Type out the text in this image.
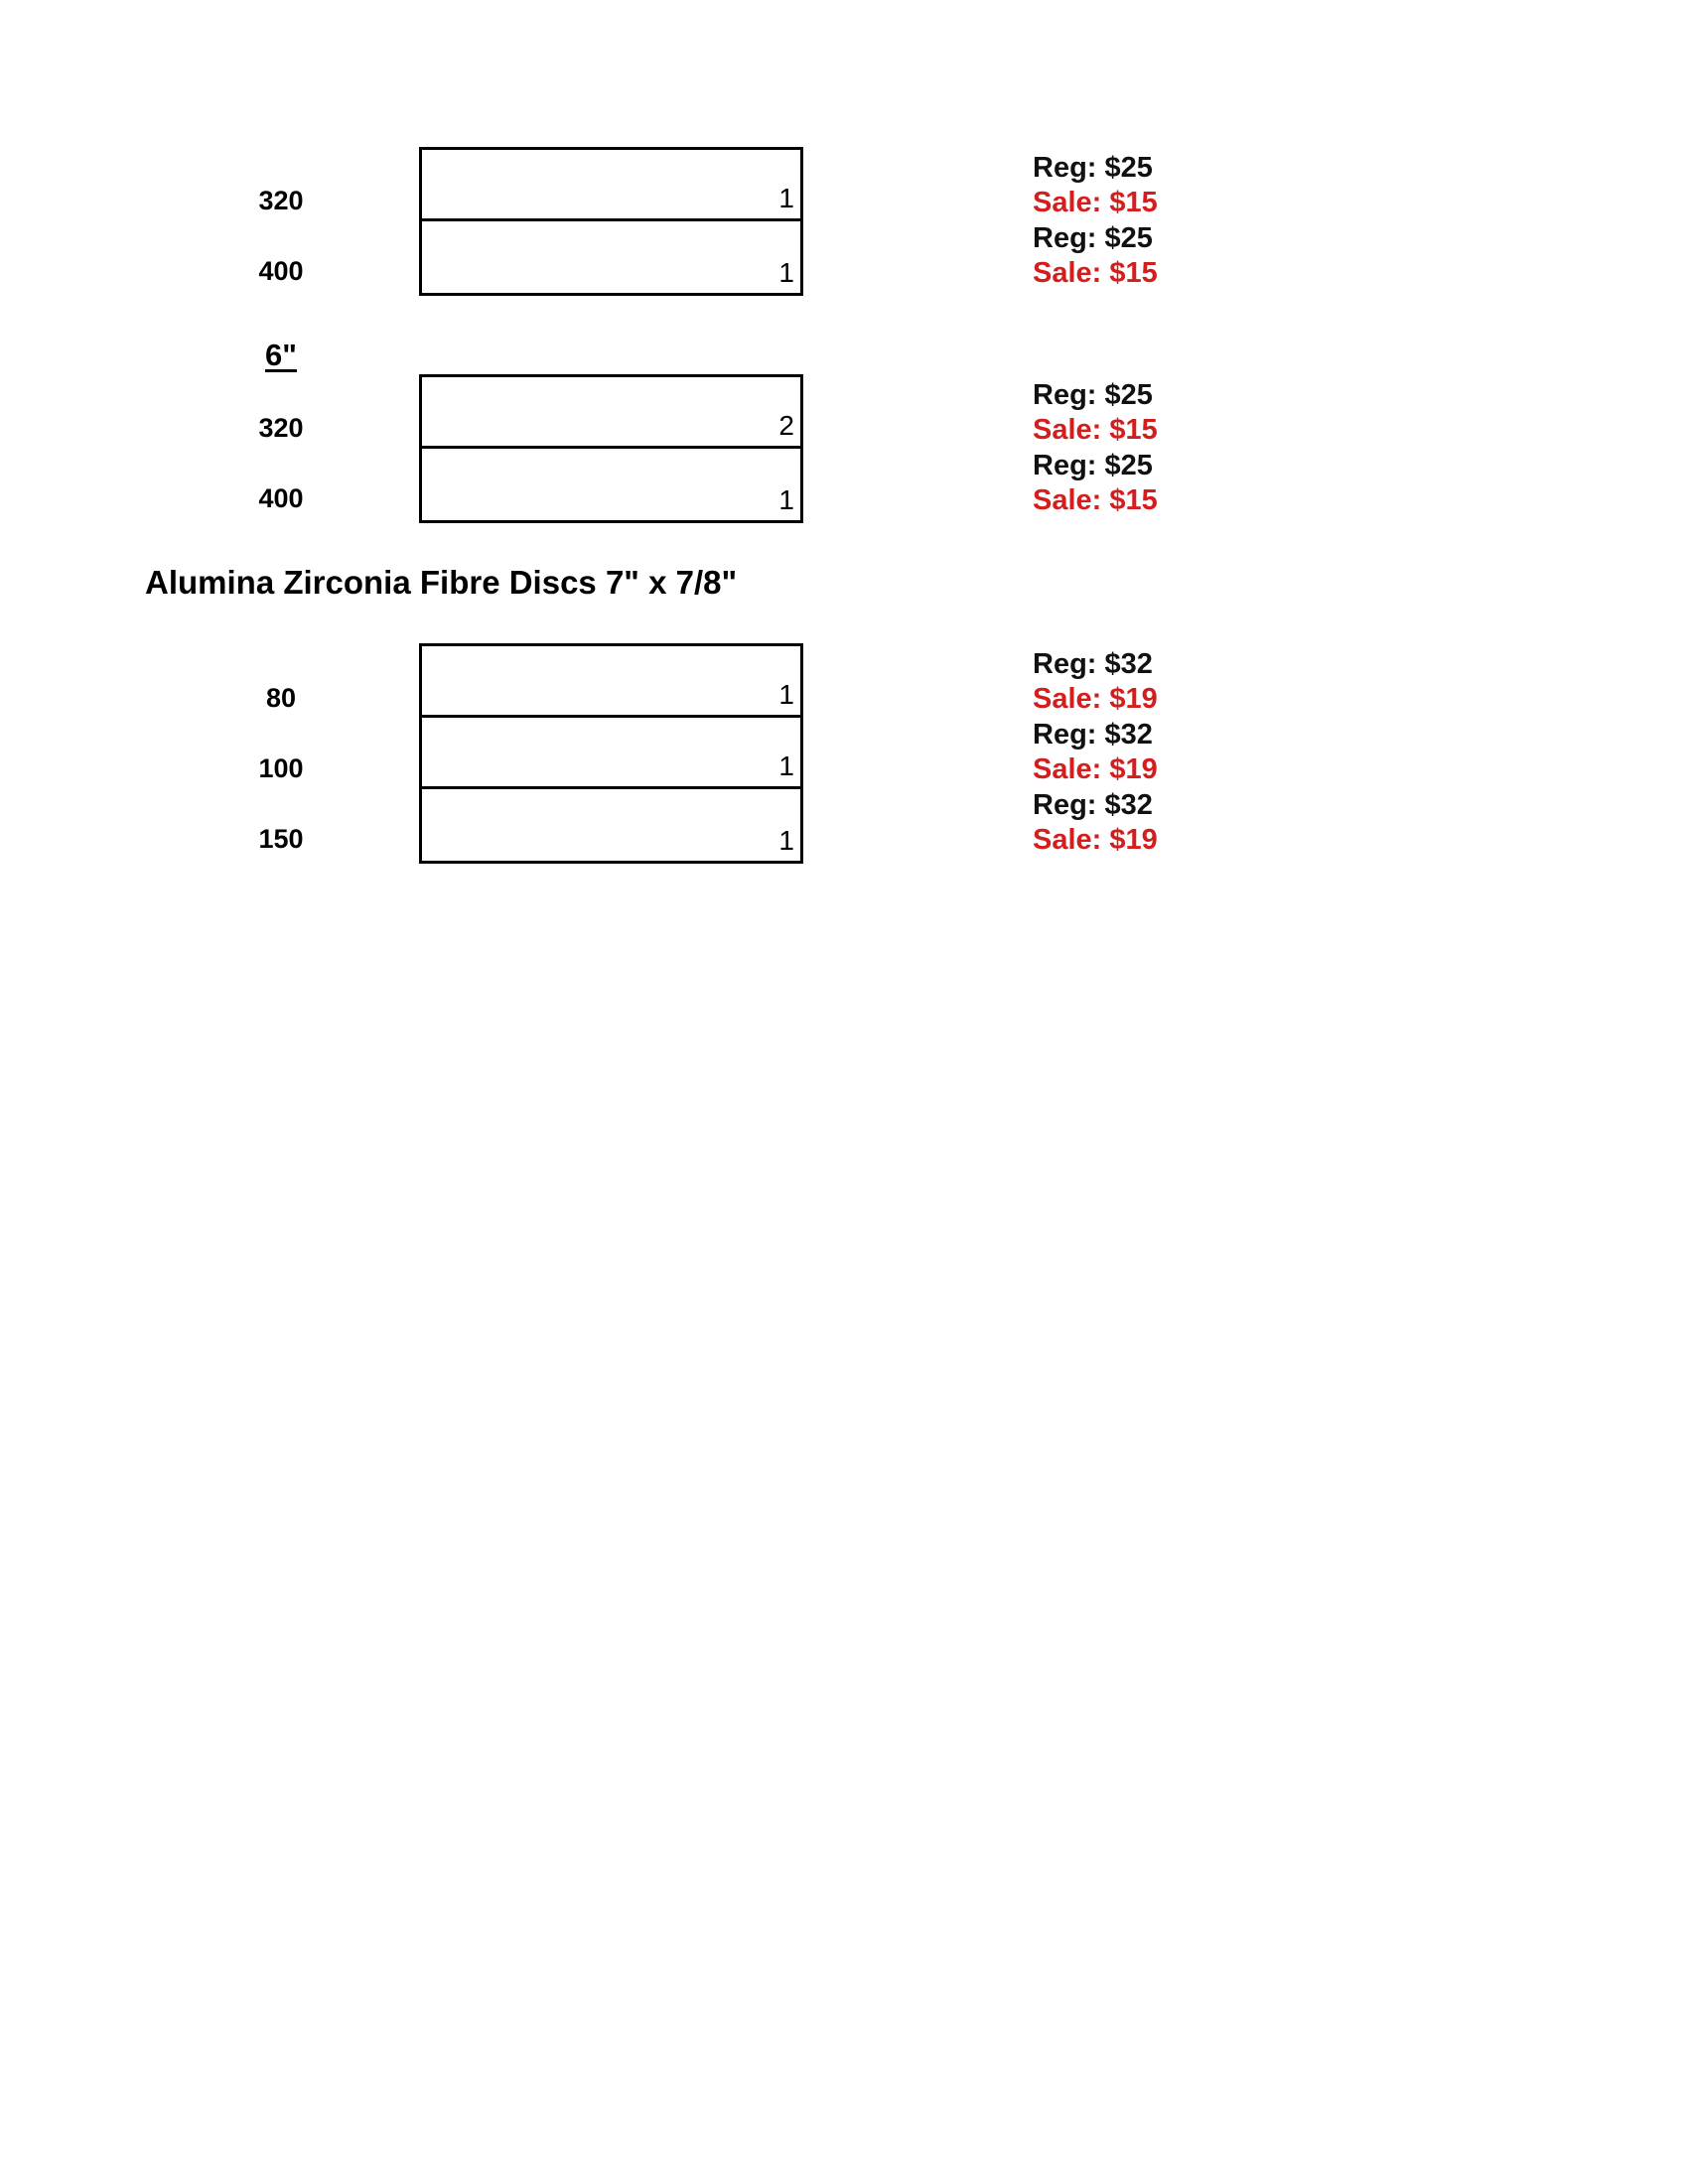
320
400
1
1
Reg: $25
Sale: $15
Reg: $25
Sale: $15
6"
320
400
2
1
Reg: $25
Sale: $15
Reg: $25
Sale: $15
Alumina Zirconia Fibre Discs 7" x 7/8"
80
100
150
1
1
1
Reg: $32
Sale: $19
Reg: $32
Sale: $19
Reg: $32
Sale: $19
